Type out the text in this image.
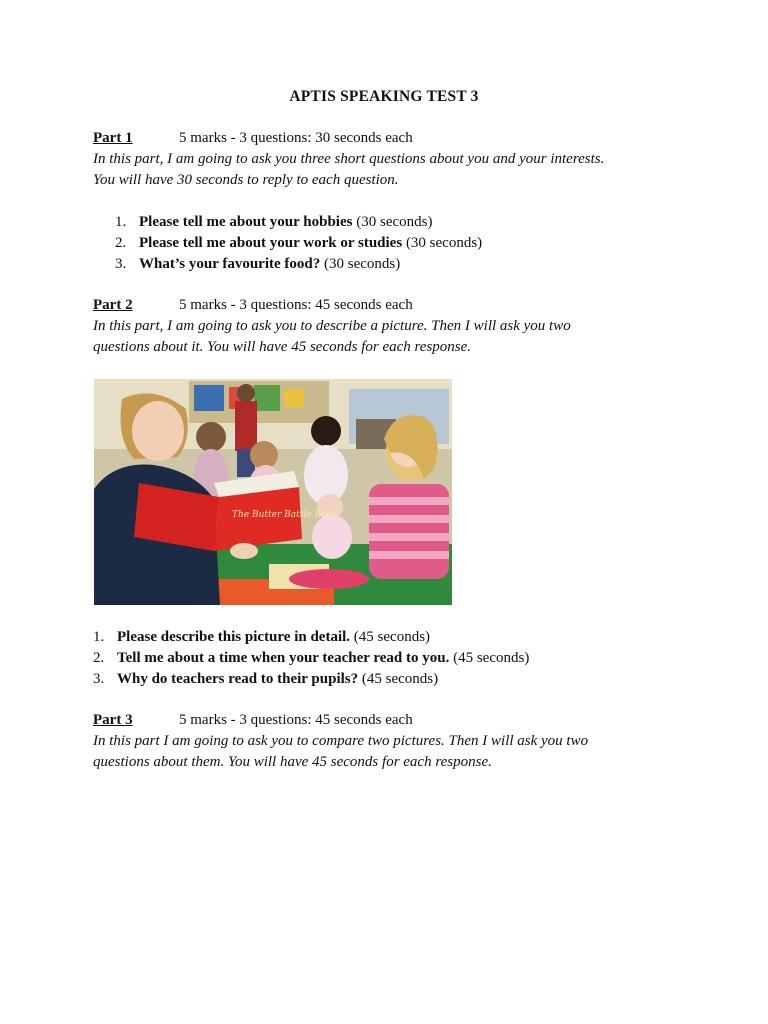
APTIS SPEAKING TEST 3
Part 1	5 marks - 3 questions: 30 seconds each
In this part, I am going to ask you three short questions about you and your interests.
You will have 30 seconds to reply to each question.
1. Please tell me about your hobbies (30 seconds)
2. Please tell me about your work or studies (30 seconds)
3. What’s your favourite food? (30 seconds)
Part 2	5 marks - 3 questions: 45 seconds each
In this part, I am going to ask you to describe a picture. Then I will ask you two
questions about it. You will have 45 seconds for each response.
The Butter Battle Book
1. Please describe this picture in detail. (45 seconds)
2. Tell me about a time when your teacher read to you. (45 seconds)
3. Why do teachers read to their pupils? (45 seconds)
Part 3	5 marks - 3 questions: 45 seconds each
In this part I am going to ask you to compare two pictures. Then I will ask you two
questions about them. You will have 45 seconds for each response.
